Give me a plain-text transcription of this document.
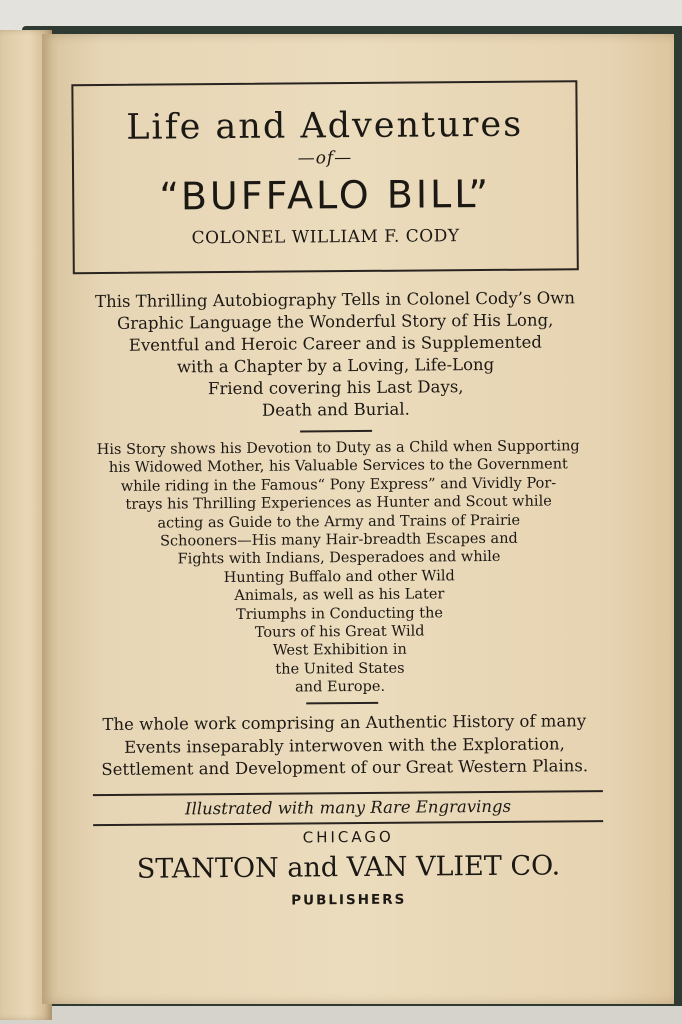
Life and Adventures
—of—
“BUFFALO BILL”
COLONEL WILLIAM F. CODY
This Thrilling Autobiography Tells in Colonel Cody’s Own
Graphic Language the Wonderful Story of His Long,
Eventful and Heroic Career and is Supplemented
with a Chapter by a Loving, Life-Long
Friend covering his Last Days,
Death and Burial.
His Story shows his Devotion to Duty as a Child when Supporting
his Widowed Mother, his Valuable Services to the Government
while riding in the Famous“ Pony Express” and Vividly Por-
trays his Thrilling Experiences as Hunter and Scout while
acting as Guide to the Army and Trains of Prairie
Schooners—His many Hair-breadth Escapes and
Fights with Indians, Desperadoes and while
Hunting Buffalo and other Wild
Animals, as well as his Later
Triumphs in Conducting the
Tours of his Great Wild
West Exhibition in
the United States
and Europe.
The whole work comprising an Authentic History of many
Events inseparably interwoven with the Exploration,
Settlement and Development of our Great Western Plains.
Illustrated with many Rare Engravings
CHICAGO
STANTON and VAN VLIET CO.
PUBLISHERS
